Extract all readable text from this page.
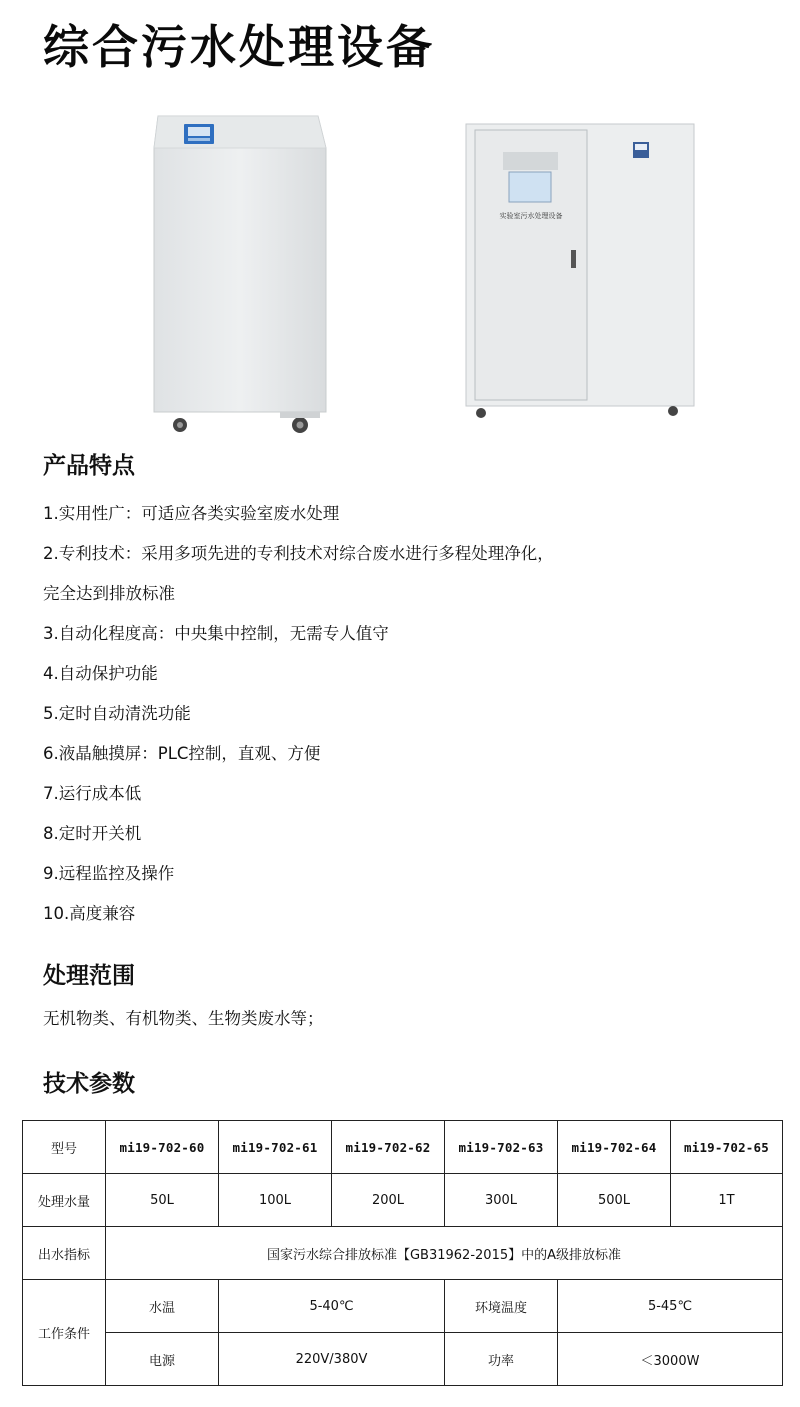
综合污水处理设备
实验室污水处理设备
产品特点
1.实用性广：可适应各类实验室废水处理
2.专利技术：采用多项先进的专利技术对综合废水进行多程处理净化，
完全达到排放标准
3.自动化程度高：中央集中控制，无需专人值守
4.自动保护功能
5.定时自动清洗功能
6.液晶触摸屏：PLC控制，直观、方便
7.运行成本低
8.定时开关机
9.远程监控及操作
10.高度兼容
处理范围
无机物类、有机物类、生物类废水等；
技术参数
型号	mi19-702-60	mi19-702-61	mi19-702-62	mi19-702-63	mi19-702-64	mi19-702-65
处理水量	50L	100L	200L	300L	500L	1T
出水指标	国家污水综合排放标准【GB31962-2015】中的A级排放标准					
工作条件	水温	5-40℃		环境温度	5-45℃	
	电源	220V/380V		功率	＜3000W	
